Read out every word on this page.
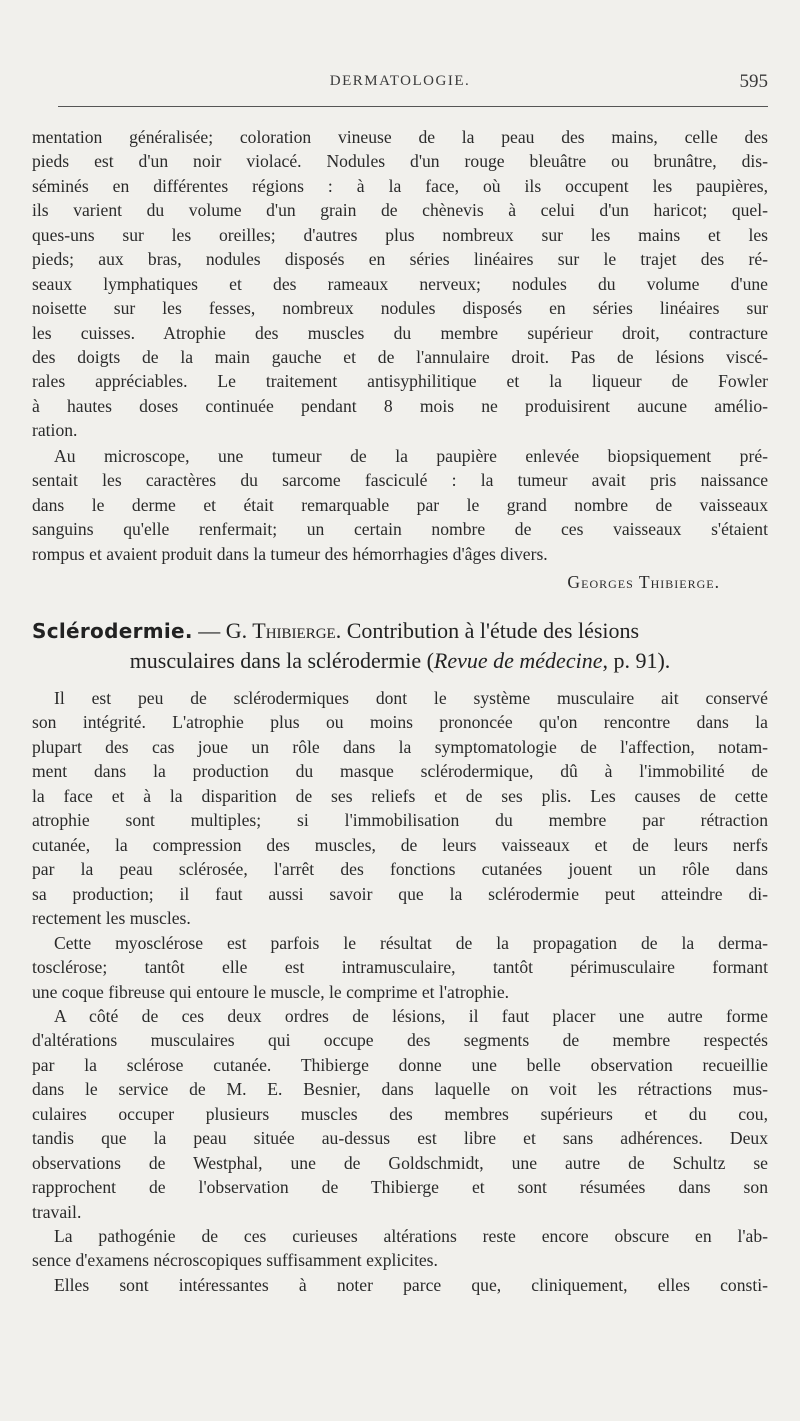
DERMATOLOGIE.	595
mentation généralisée; coloration vineuse de la peau des mains, celle des
pieds est d'un noir violacé. Nodules d'un rouge bleuâtre ou brunâtre, dis-
séminés en différentes régions : à la face, où ils occupent les paupières,
ils varient du volume d'un grain de chènevis à celui d'un haricot; quel-
ques-uns sur les oreilles; d'autres plus nombreux sur les mains et les
pieds; aux bras, nodules disposés en séries linéaires sur le trajet des ré-
seaux lymphatiques et des rameaux nerveux; nodules du volume d'une
noisette sur les fesses, nombreux nodules disposés en séries linéaires sur
les cuisses. Atrophie des muscles du membre supérieur droit, contracture
des doigts de la main gauche et de l'annulaire droit. Pas de lésions viscé-
rales appréciables. Le traitement antisyphilitique et la liqueur de Fowler
à hautes doses continuée pendant 8 mois ne produisirent aucune amélio-
ration.
Au microscope, une tumeur de la paupière enlevée biopsiquement pré-
sentait les caractères du sarcome fasciculé : la tumeur avait pris naissance
dans le derme et était remarquable par le grand nombre de vaisseaux
sanguins qu'elle renfermait; un certain nombre de ces vaisseaux s'étaient
rompus et avaient produit dans la tumeur des hémorrhagies d'âges divers.
Georges Thibierge.
Sclérodermie. — G. Thibierge. Contribution à l'étude des lésions
musculaires dans la sclérodermie (Revue de médecine, p. 91).
Il est peu de sclérodermiques dont le système musculaire ait conservé
son intégrité. L'atrophie plus ou moins prononcée qu'on rencontre dans la
plupart des cas joue un rôle dans la symptomatologie de l'affection, notam-
ment dans la production du masque sclérodermique, dû à l'immobilité de
la face et à la disparition de ses reliefs et de ses plis. Les causes de cette
atrophie sont multiples; si l'immobilisation du membre par rétraction
cutanée, la compression des muscles, de leurs vaisseaux et de leurs nerfs
par la peau sclérosée, l'arrêt des fonctions cutanées jouent un rôle dans
sa production; il faut aussi savoir que la sclérodermie peut atteindre di-
rectement les muscles.
Cette myosclérose est parfois le résultat de la propagation de la derma-
tosclérose; tantôt elle est intramusculaire, tantôt périmusculaire formant
une coque fibreuse qui entoure le muscle, le comprime et l'atrophie.
A côté de ces deux ordres de lésions, il faut placer une autre forme
d'altérations musculaires qui occupe des segments de membre respectés
par la sclérose cutanée. Thibierge donne une belle observation recueillie
dans le service de M. E. Besnier, dans laquelle on voit les rétractions mus-
culaires occuper plusieurs muscles des membres supérieurs et du cou,
tandis que la peau située au-dessus est libre et sans adhérences. Deux
observations de Westphal, une de Goldschmidt, une autre de Schultz se
rapprochent de l'observation de Thibierge et sont résumées dans son
travail.
La pathogénie de ces curieuses altérations reste encore obscure en l'ab-
sence d'examens nécroscopiques suffisamment explicites.
Elles sont intéressantes à noter parce que, cliniquement, elles consti-
